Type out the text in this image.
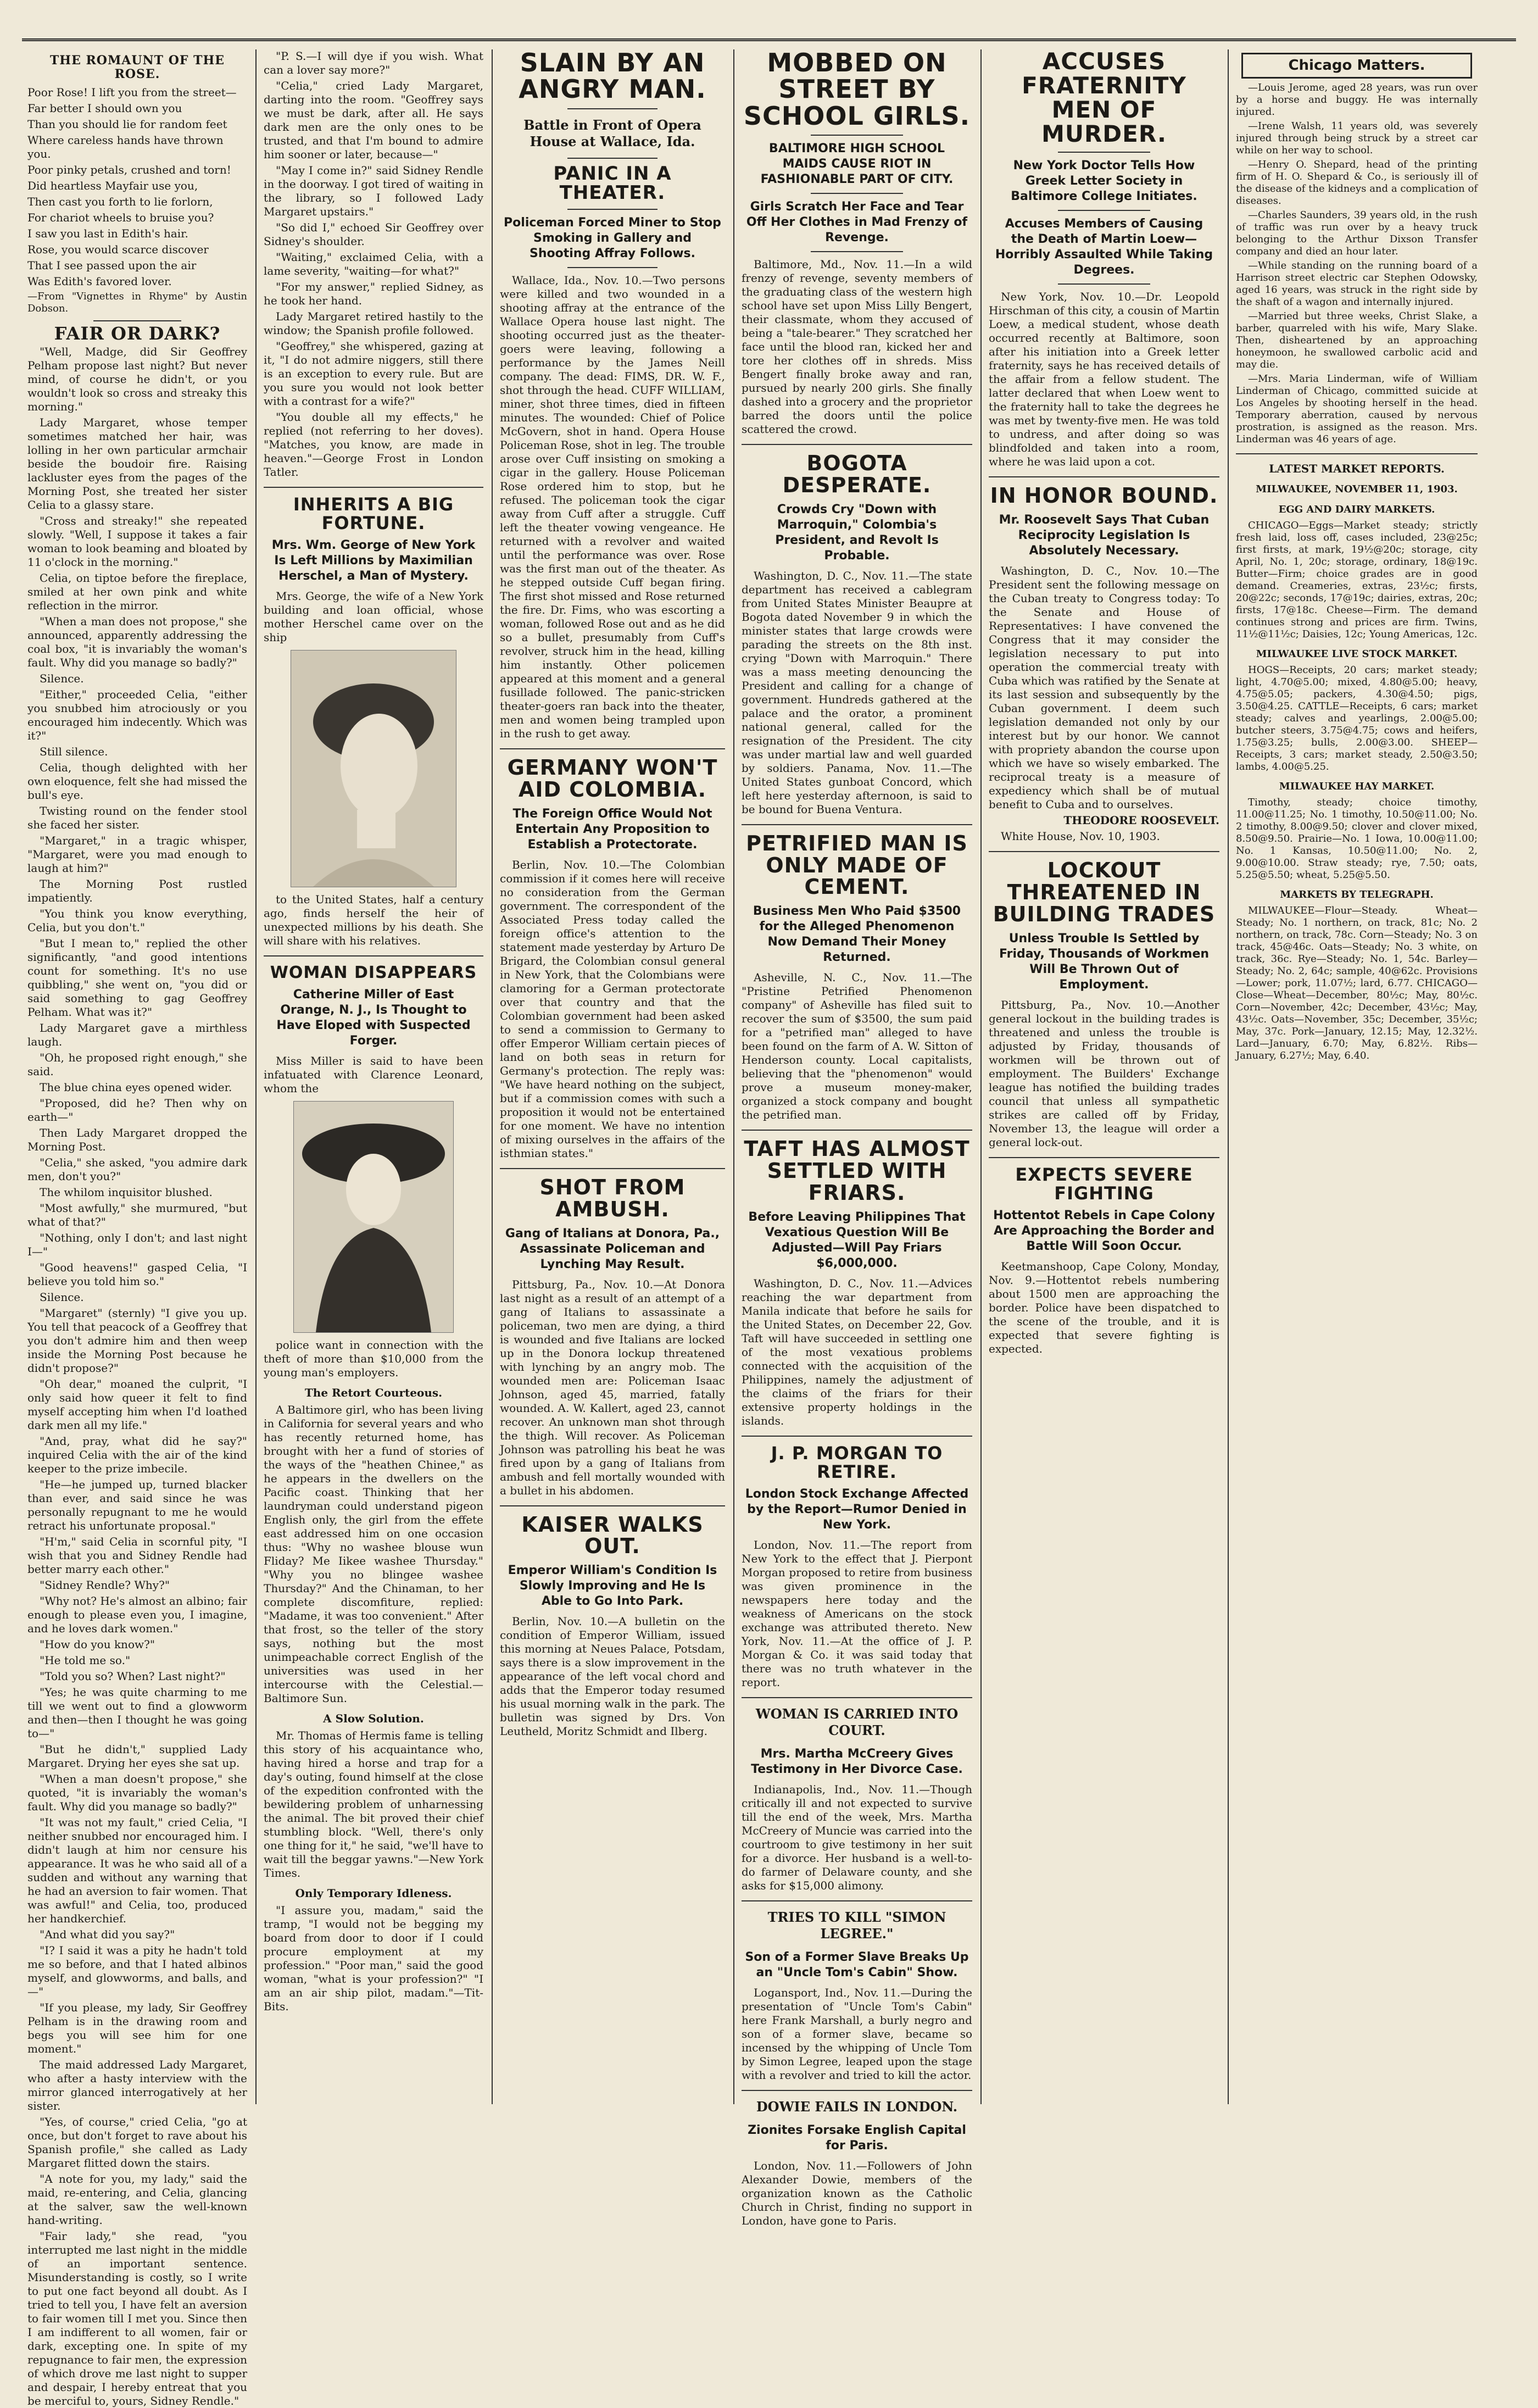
THE ROMAUNT OF THE ROSE.

Poor Rose! I lift you from the street—

Far better I should own you

Than you should lie for random feet

Where careless hands have thrown you.

Poor pinky petals, crushed and torn!

Did heartless Mayfair use you,

Then cast you forth to lie forlorn,

For chariot wheels to bruise you?

I saw you last in Edith's hair.

Rose, you would scarce discover

That I see passed upon the air

Was Edith's favored lover.

—From "Vignettes in Rhyme" by Austin Dobson.

FAIR OR DARK?

"Well, Madge, did Sir Geoffrey Pelham propose last night? But never mind, of course he didn't, or you wouldn't look so cross and streaky this morning."

Lady Margaret, whose temper sometimes matched her hair, was lolling in her own particular armchair beside the boudoir fire. Raising lackluster eyes from the pages of the Morning Post, she treated her sister Celia to a glassy stare.

"Cross and streaky!" she repeated slowly. "Well, I suppose it takes a fair woman to look beaming and bloated by 11 o'clock in the morning."

Celia, on tiptoe before the fireplace, smiled at her own pink and white reflection in the mirror.

"When a man does not propose," she announced, apparently addressing the coal box, "it is invariably the woman's fault. Why did you manage so badly?"

Silence.

"Either," proceeded Celia, "either you snubbed him atrociously or you encouraged him indecently. Which was it?"

Still silence.

Celia, though delighted with her own eloquence, felt she had missed the bull's eye.

Twisting round on the fender stool she faced her sister.

"Margaret," in a tragic whisper, "Margaret, were you mad enough to laugh at him?"

The Morning Post rustled impatiently.

"You think you know everything, Celia, but you don't."

"But I mean to," replied the other significantly, "and good intentions count for something. It's no use quibbling," she went on, "you did or said something to gag Geoffrey Pelham. What was it?"

Lady Margaret gave a mirthless laugh.

"Oh, he proposed right enough," she said.

The blue china eyes opened wider.

"Proposed, did he? Then why on earth—"

Then Lady Margaret dropped the Morning Post.

"Celia," she asked, "you admire dark men, don't you?"

The whilom inquisitor blushed.

"Most awfully," she murmured, "but what of that?"

"Nothing, only I don't; and last night I—"

"Good heavens!" gasped Celia, "I believe you told him so."

Silence.

"Margaret" (sternly) "I give you up. You tell that peacock of a Geoffrey that you don't admire him and then weep inside the Morning Post because he didn't propose?"

"Oh dear," moaned the culprit, "I only said how queer it felt to find myself accepting him when I'd loathed dark men all my life."

"And, pray, what did he say?" inquired Celia with the air of the kind keeper to the prize imbecile.

"He—he jumped up, turned blacker than ever, and said since he was personally repugnant to me he would retract his unfortunate proposal."

"H'm," said Celia in scornful pity, "I wish that you and Sidney Rendle had better marry each other."

"Sidney Rendle? Why?"

"Why not? He's almost an albino; fair enough to please even you, I imagine, and he loves dark women."

"How do you know?"

"He told me so."

"Told you so? When? Last night?"

"Yes; he was quite charming to me till we went out to find a glowworm and then—then I thought he was going to—"

"But he didn't," supplied Lady Margaret. Drying her eyes she sat up.

"When a man doesn't propose," she quoted, "it is invariably the woman's fault. Why did you manage so badly?"

"It was not my fault," cried Celia, "I neither snubbed nor encouraged him. I didn't laugh at him nor censure his appearance. It was he who said all of a sudden and without any warning that he had an aversion to fair women. That was awful!" and Celia, too, produced her handkerchief.

"And what did you say?"

"I? I said it was a pity he hadn't told me so before, and that I hated albinos myself, and glowworms, and balls, and—"

"If you please, my lady, Sir Geoffrey Pelham is in the drawing room and begs you will see him for one moment."

The maid addressed Lady Margaret, who after a hasty interview with the mirror glanced interrogatively at her sister.

"Yes, of course," cried Celia, "go at once, but don't forget to rave about his Spanish profile," she called as Lady Margaret flitted down the stairs.

"A note for you, my lady," said the maid, re-entering, and Celia, glancing at the salver, saw the well-known hand-writing.

"Fair lady," she read, "you interrupted me last night in the middle of an important sentence. Misunderstanding is costly, so I write to put one fact beyond all doubt. As I tried to tell you, I have felt an aversion to fair women till I met you. Since then I am indifferent to all women, fair or dark, excepting one. In spite of my repugnance to fair men, the expression of which drove me last night to supper and despair, I hereby entreat that you be merciful to, yours, Sidney Rendle."

"P. S.—I will dye if you wish. What can a lover say more?"

"Celia," cried Lady Margaret, darting into the room. "Geoffrey says we must be dark, after all. He says dark men are the only ones to be trusted, and that I'm bound to admire him sooner or later, because—"

"May I come in?" said Sidney Rendle in the doorway. I got tired of waiting in the library, so I followed Lady Margaret upstairs."

"So did I," echoed Sir Geoffrey over Sidney's shoulder.

"Waiting," exclaimed Celia, with a lame severity, "waiting—for what?"

"For my answer," replied Sidney, as he took her hand.

Lady Margaret retired hastily to the window; the Spanish profile followed.

"Geoffrey," she whispered, gazing at it, "I do not admire niggers, still there is an exception to every rule. But are you sure you would not look better with a contrast for a wife?"

"You double all my effects," he replied (not referring to her doves). "Matches, you know, are made in heaven."—George Frost in London Tatler.

INHERITS A BIG FORTUNE.
Mrs. Wm. George of New York Is Left Millions by Maximilian Herschel, a Man of Mystery.

Mrs. George, the wife of a New York building and loan official, whose mother Herschel came over on the ship

to the United States, half a century ago, finds herself the heir of unexpected millions by his death. She will share with his relatives.

WOMAN DISAPPEARS
Catherine Miller of East Orange, N. J., Is Thought to Have Eloped with Suspected Forger.

Miss Miller is said to have been infatuated with Clarence Leonard, whom the

police want in connection with the theft of more than $10,000 from the young man's employers.

The Retort Courteous.

A Baltimore girl, who has been living in California for several years and who has recently returned home, has brought with her a fund of stories of the ways of the "heathen Chinee," as he appears in the dwellers on the Pacific coast. Thinking that her laundryman could understand pigeon English only, the girl from the effete east addressed him on one occasion thus: "Why no washee blouse wun Fliday? Me Iikee washee Thursday." "Why you no blingee washee Thursday?" And the Chinaman, to her complete discomfiture, replied: "Madame, it was too convenient." After that frost, so the teller of the story says, nothing but the most unimpeachable correct English of the universities was used in her intercourse with the Celestial.—Baltimore Sun.

A Slow Solution.

Mr. Thomas of Hermis fame is telling this story of his acquaintance who, having hired a horse and trap for a day's outing, found himself at the close of the expedition confronted with the bewildering problem of unharnessing the animal. The bit proved their chief stumbling block. "Well, there's only one thing for it," he said, "we'll have to wait till the beggar yawns."—New York Times.

Only Temporary Idleness.

"I assure you, madam," said the tramp, "I would not be begging my board from door to door if I could procure employment at my profession." "Poor man," said the good woman, "what is your profession?" "I am an air ship pilot, madam."—Tit-Bits.

SLAIN BY AN ANGRY MAN.
Battle in Front of Opera House at Wallace, Ida.
PANIC IN A THEATER.
Policeman Forced Miner to Stop Smoking in Gallery and Shooting Affray Follows.

Wallace, Ida., Nov. 10.—Two persons were killed and two wounded in a shooting affray at the entrance of the Wallace Opera house last night. The shooting occurred just as the theater-goers were leaving, following a performance by the James Neill company. The dead: FIMS, DR. W. F., shot through the head. CUFF WILLIAM, miner, shot three times, died in fifteen minutes. The wounded: Chief of Police McGovern, shot in hand. Opera House Policeman Rose, shot in leg. The trouble arose over Cuff insisting on smoking a cigar in the gallery. House Policeman Rose ordered him to stop, but he refused. The policeman took the cigar away from Cuff after a struggle. Cuff left the theater vowing vengeance. He returned with a revolver and waited until the performance was over. Rose was the first man out of the theater. As he stepped outside Cuff began firing. The first shot missed and Rose returned the fire. Dr. Fims, who was escorting a woman, followed Rose out and as he did so a bullet, presumably from Cuff's revolver, struck him in the head, killing him instantly. Other policemen appeared at this moment and a general fusillade followed. The panic-stricken theater-goers ran back into the theater, men and women being trampled upon in the rush to get away.

GERMANY WON'T AID COLOMBIA.
The Foreign Office Would Not Entertain Any Proposition to Establish a Protectorate.

Berlin, Nov. 10.—The Colombian commission if it comes here will receive no consideration from the German government. The correspondent of the Associated Press today called the foreign office's attention to the statement made yesterday by Arturo De Brigard, the Colombian consul general in New York, that the Colombians were clamoring for a German protectorate over that country and that the Colombian government had been asked to send a commission to Germany to offer Emperor William certain pieces of land on both seas in return for Germany's protection. The reply was: "We have heard nothing on the subject, but if a commission comes with such a proposition it would not be entertained for one moment. We have no intention of mixing ourselves in the affairs of the isthmian states."

SHOT FROM AMBUSH.
Gang of Italians at Donora, Pa., Assassinate Policeman and Lynching May Result.

Pittsburg, Pa., Nov. 10.—At Donora last night as a result of an attempt of a gang of Italians to assassinate a policeman, two men are dying, a third is wounded and five Italians are locked up in the Donora lockup threatened with lynching by an angry mob. The wounded men are: Policeman Isaac Johnson, aged 45, married, fatally wounded. A. W. Kallert, aged 23, cannot recover. An unknown man shot through the thigh. Will recover. As Policeman Johnson was patrolling his beat he was fired upon by a gang of Italians from ambush and fell mortally wounded with a bullet in his abdomen.

KAISER WALKS OUT.
Emperor William's Condition Is Slowly Improving and He Is Able to Go Into Park.

Berlin, Nov. 10.—A bulletin on the condition of Emperor William, issued this morning at Neues Palace, Potsdam, says there is a slow improvement in the appearance of the left vocal chord and adds that the Emperor today resumed his usual morning walk in the park. The bulletin was signed by Drs. Von Leutheld, Moritz Schmidt and Ilberg.

MOBBED ON STREET BY SCHOOL GIRLS.
BALTIMORE HIGH SCHOOL MAIDS CAUSE RIOT IN FASHIONABLE PART OF CITY.
Girls Scratch Her Face and Tear Off Her Clothes in Mad Frenzy of Revenge.

Baltimore, Md., Nov. 11.—In a wild frenzy of revenge, seventy members of the graduating class of the western high school have set upon Miss Lilly Bengert, their classmate, whom they accused of being a "tale-bearer." They scratched her face until the blood ran, kicked her and tore her clothes off in shreds. Miss Bengert finally broke away and ran, pursued by nearly 200 girls. She finally dashed into a grocery and the proprietor barred the doors until the police scattered the crowd.

BOGOTA DESPERATE.
Crowds Cry "Down with Marroquin," Colombia's President, and Revolt Is Probable.

Washington, D. C., Nov. 11.—The state department has received a cablegram from United States Minister Beaupre at Bogota dated November 9 in which the minister states that large crowds were parading the streets on the 8th inst. crying "Down with Marroquin." There was a mass meeting denouncing the President and calling for a change of government. Hundreds gathered at the palace and the orator, a prominent national general, called for the resignation of the President. The city was under martial law and well guarded by soldiers. Panama, Nov. 11.—The United States gunboat Concord, which left here yesterday afternoon, is said to be bound for Buena Ventura.

PETRIFIED MAN IS ONLY MADE OF CEMENT.
Business Men Who Paid $3500 for the Alleged Phenomenon Now Demand Their Money Returned.

Asheville, N. C., Nov. 11.—The "Pristine Petrified Phenomenon company" of Asheville has filed suit to recover the sum of $3500, the sum paid for a "petrified man" alleged to have been found on the farm of A. W. Sitton of Henderson county. Local capitalists, believing that the "phenomenon" would prove a museum money-maker, organized a stock company and bought the petrified man.

TAFT HAS ALMOST SETTLED WITH FRIARS.
Before Leaving Philippines That Vexatious Question Will Be Adjusted—Will Pay Friars $6,000,000.

Washington, D. C., Nov. 11.—Advices reaching the war department from Manila indicate that before he sails for the United States, on December 22, Gov. Taft will have succeeded in settling one of the most vexatious problems connected with the acquisition of the Philippines, namely the adjustment of the claims of the friars for their extensive property holdings in the islands.

J. P. MORGAN TO RETIRE.
London Stock Exchange Affected by the Report—Rumor Denied in New York.

London, Nov. 11.—The report from New York to the effect that J. Pierpont Morgan proposed to retire from business was given prominence in the newspapers here today and the weakness of Americans on the stock exchange was attributed thereto. New York, Nov. 11.—At the office of J. P. Morgan & Co. it was said today that there was no truth whatever in the report.

WOMAN IS CARRIED INTO COURT.
Mrs. Martha McCreery Gives Testimony in Her Divorce Case.

Indianapolis, Ind., Nov. 11.—Though critically ill and not expected to survive till the end of the week, Mrs. Martha McCreery of Muncie was carried into the courtroom to give testimony in her suit for a divorce. Her husband is a well-to-do farmer of Delaware county, and she asks for $15,000 alimony.

TRIES TO KILL "SIMON LEGREE."
Son of a Former Slave Breaks Up an "Uncle Tom's Cabin" Show.

Logansport, Ind., Nov. 11.—During the presentation of "Uncle Tom's Cabin" here Frank Marshall, a burly negro and son of a former slave, became so incensed by the whipping of Uncle Tom by Simon Legree, leaped upon the stage with a revolver and tried to kill the actor.

DOWIE FAILS IN LONDON.
Zionites Forsake English Capital for Paris.

London, Nov. 11.—Followers of John Alexander Dowie, members of the organization known as the Catholic Church in Christ, finding no support in London, have gone to Paris.

ACCUSES FRATERNITY MEN OF MURDER.
New York Doctor Tells How Greek Letter Society in Baltimore College Initiates.
Accuses Members of Causing the Death of Martin Loew—Horribly Assaulted While Taking Degrees.

New York, Nov. 10.—Dr. Leopold Hirschman of this city, a cousin of Martin Loew, a medical student, whose death occurred recently at Baltimore, soon after his initiation into a Greek letter fraternity, says he has received details of the affair from a fellow student. The latter declared that when Loew went to the fraternity hall to take the degrees he was met by twenty-five men. He was told to undress, and after doing so was blindfolded and taken into a room, where he was laid upon a cot.

IN HONOR BOUND.
Mr. Roosevelt Says That Cuban Reciprocity Legislation Is Absolutely Necessary.

Washington, D. C., Nov. 10.—The President sent the following message on the Cuban treaty to Congress today: To the Senate and House of Representatives: I have convened the Congress that it may consider the legislation necessary to put into operation the commercial treaty with Cuba which was ratified by the Senate at its last session and subsequently by the Cuban government. I deem such legislation demanded not only by our interest but by our honor. We cannot with propriety abandon the course upon which we have so wisely embarked. The reciprocal treaty is a measure of expediency which shall be of mutual benefit to Cuba and to ourselves.

THEODORE ROOSEVELT.

White House, Nov. 10, 1903.

LOCKOUT THREATENED IN BUILDING TRADES
Unless Trouble Is Settled by Friday, Thousands of Workmen Will Be Thrown Out of Employment.

Pittsburg, Pa., Nov. 10.—Another general lockout in the building trades is threatened and unless the trouble is adjusted by Friday, thousands of workmen will be thrown out of employment. The Builders' Exchange league has notified the building trades council that unless all sympathetic strikes are called off by Friday, November 13, the league will order a general lock-out.

EXPECTS SEVERE FIGHTING
Hottentot Rebels in Cape Colony Are Approaching the Border and Battle Will Soon Occur.

Keetmanshoop, Cape Colony, Monday, Nov. 9.—Hottentot rebels numbering about 1500 men are approaching the border. Police have been dispatched to the scene of the trouble, and it is expected that severe fighting is expected.

Chicago Matters.

—Louis Jerome, aged 28 years, was run over by a horse and buggy. He was internally injured.

—Irene Walsh, 11 years old, was severely injured through being struck by a street car while on her way to school.

—Henry O. Shepard, head of the printing firm of H. O. Shepard & Co., is seriously ill of the disease of the kidneys and a complication of diseases.

—Charles Saunders, 39 years old, in the rush of traffic was run over by a heavy truck belonging to the Arthur Dixson Transfer company and died an hour later.

—While standing on the running board of a Harrison street electric car Stephen Odowsky, aged 16 years, was struck in the right side by the shaft of a wagon and internally injured.

—Married but three weeks, Christ Slake, a barber, quarreled with his wife, Mary Slake. Then, disheartened by an approaching honeymoon, he swallowed carbolic acid and may die.

—Mrs. Maria Linderman, wife of William Linderman of Chicago, committed suicide at Los Angeles by shooting herself in the head. Temporary aberration, caused by nervous prostration, is assigned as the reason. Mrs. Linderman was 46 years of age.

LATEST MARKET REPORTS.
MILWAUKEE, NOVEMBER 11, 1903.
EGG AND DAIRY MARKETS.

CHICAGO—Eggs—Market steady; strictly fresh laid, loss off, cases included, 23@25c; first firsts, at mark, 19½@20c; storage, city April, No. 1, 20c; storage, ordinary, 18@19c. Butter—Firm; choice grades are in good demand. Creameries, extras, 23½c; firsts, 20@22c; seconds, 17@19c; dairies, extras, 20c; firsts, 17@18c. Cheese—Firm. The demand continues strong and prices are firm. Twins, 11½@11½c; Daisies, 12c; Young Americas, 12c.

MILWAUKEE LIVE STOCK MARKET.

HOGS—Receipts, 20 cars; market steady; light, 4.70@5.00; mixed, 4.80@5.00; heavy, 4.75@5.05; packers, 4.30@4.50; pigs, 3.50@4.25. CATTLE—Receipts, 6 cars; market steady; calves and yearlings, 2.00@5.00; butcher steers, 3.75@4.75; cows and heifers, 1.75@3.25; bulls, 2.00@3.00. SHEEP—Receipts, 3 cars; market steady, 2.50@3.50; lambs, 4.00@5.25.

MILWAUKEE HAY MARKET.

Timothy, steady; choice timothy, 11.00@11.25; No. 1 timothy, 10.50@11.00; No. 2 timothy, 8.00@9.50; clover and clover mixed, 8.50@9.50. Prairie—No. 1 Iowa, 10.00@11.00; No. 1 Kansas, 10.50@11.00; No. 2, 9.00@10.00. Straw steady; rye, 7.50; oats, 5.25@5.50; wheat, 5.25@5.50.

MARKETS BY TELEGRAPH.

MILWAUKEE—Flour—Steady. Wheat—Steady; No. 1 northern, on track, 81c; No. 2 northern, on track, 78c. Corn—Steady; No. 3 on track, 45@46c. Oats—Steady; No. 3 white, on track, 36c. Rye—Steady; No. 1, 54c. Barley—Steady; No. 2, 64c; sample, 40@62c. Provisions—Lower; pork, 11.07½; lard, 6.77. CHICAGO—Close—Wheat—December, 80½c; May, 80½c. Corn—November, 42c; December, 43½c; May, 43½c. Oats—November, 35c; December, 35½c; May, 37c. Pork—January, 12.15; May, 12.32½. Lard—January, 6.70; May, 6.82½. Ribs—January, 6.27½; May, 6.40.
